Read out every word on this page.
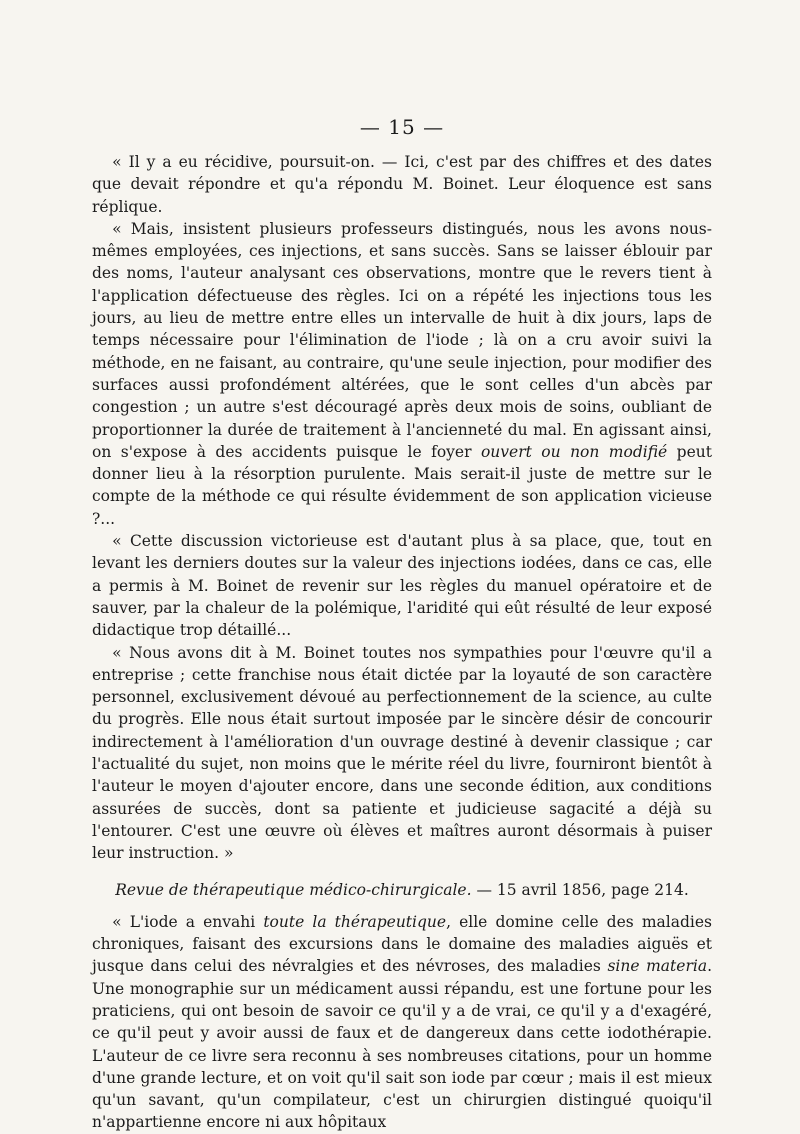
— 15 —

« Il y a eu récidive, poursuit-on. — Ici, c'est par des chiffres et des dates que devait répondre et qu'a répondu M. Boinet. Leur éloquence est sans réplique.

« Mais, insistent plusieurs professeurs distingués, nous les avons nous-mêmes employées, ces injections, et sans succès. Sans se laisser éblouir par des noms, l'auteur analysant ces observations, montre que le revers tient à l'application défectueuse des règles. Ici on a répété les injections tous les jours, au lieu de mettre entre elles un intervalle de huit à dix jours, laps de temps nécessaire pour l'élimination de l'iode ; là on a cru avoir suivi la méthode, en ne faisant, au contraire, qu'une seule injection, pour modifier des surfaces aussi profondément altérées, que le sont celles d'un abcès par congestion ; un autre s'est découragé après deux mois de soins, oubliant de proportionner la durée de traitement à l'ancienneté du mal. En agissant ainsi, on s'expose à des accidents puisque le foyer ouvert ou non modifié peut donner lieu à la résorption purulente. Mais serait-il juste de mettre sur le compte de la méthode ce qui résulte évidemment de son application vicieuse ?...

« Cette discussion victorieuse est d'autant plus à sa place, que, tout en levant les derniers doutes sur la valeur des injections iodées, dans ce cas, elle a permis à M. Boinet de revenir sur les règles du manuel opératoire et de sauver, par la chaleur de la polémique, l'aridité qui eût résulté de leur exposé didactique trop détaillé...

« Nous avons dit à M. Boinet toutes nos sympathies pour l'œuvre qu'il a entreprise ; cette franchise nous était dictée par la loyauté de son caractère personnel, exclusivement dévoué au perfectionnement de la science, au culte du progrès. Elle nous était surtout imposée par le sincère désir de concourir indirectement à l'amélioration d'un ouvrage destiné à devenir classique ; car l'actualité du sujet, non moins que le mérite réel du livre, fourniront bientôt à l'auteur le moyen d'ajouter encore, dans une seconde édition, aux conditions assurées de succès, dont sa patiente et judicieuse sagacité a déjà su l'entourer. C'est une œuvre où élèves et maîtres auront désormais à puiser leur instruction. »

Revue de thérapeutique médico-chirurgicale. — 15 avril 1856, page 214.

« L'iode a envahi toute la thérapeutique, elle domine celle des maladies chroniques, faisant des excursions dans le domaine des maladies aiguës et jusque dans celui des névralgies et des névroses, des maladies sine materia. Une monographie sur un médicament aussi répandu, est une fortune pour les praticiens, qui ont besoin de savoir ce qu'il y a de vrai, ce qu'il y a d'exagéré, ce qu'il peut y avoir aussi de faux et de dangereux dans cette iodothérapie. L'auteur de ce livre sera reconnu à ses nombreuses citations, pour un homme d'une grande lecture, et on voit qu'il sait son iode par cœur ; mais il est mieux qu'un savant, qu'un compilateur, c'est un chirurgien distingué quoiqu'il n'appartienne encore ni aux hôpitaux
